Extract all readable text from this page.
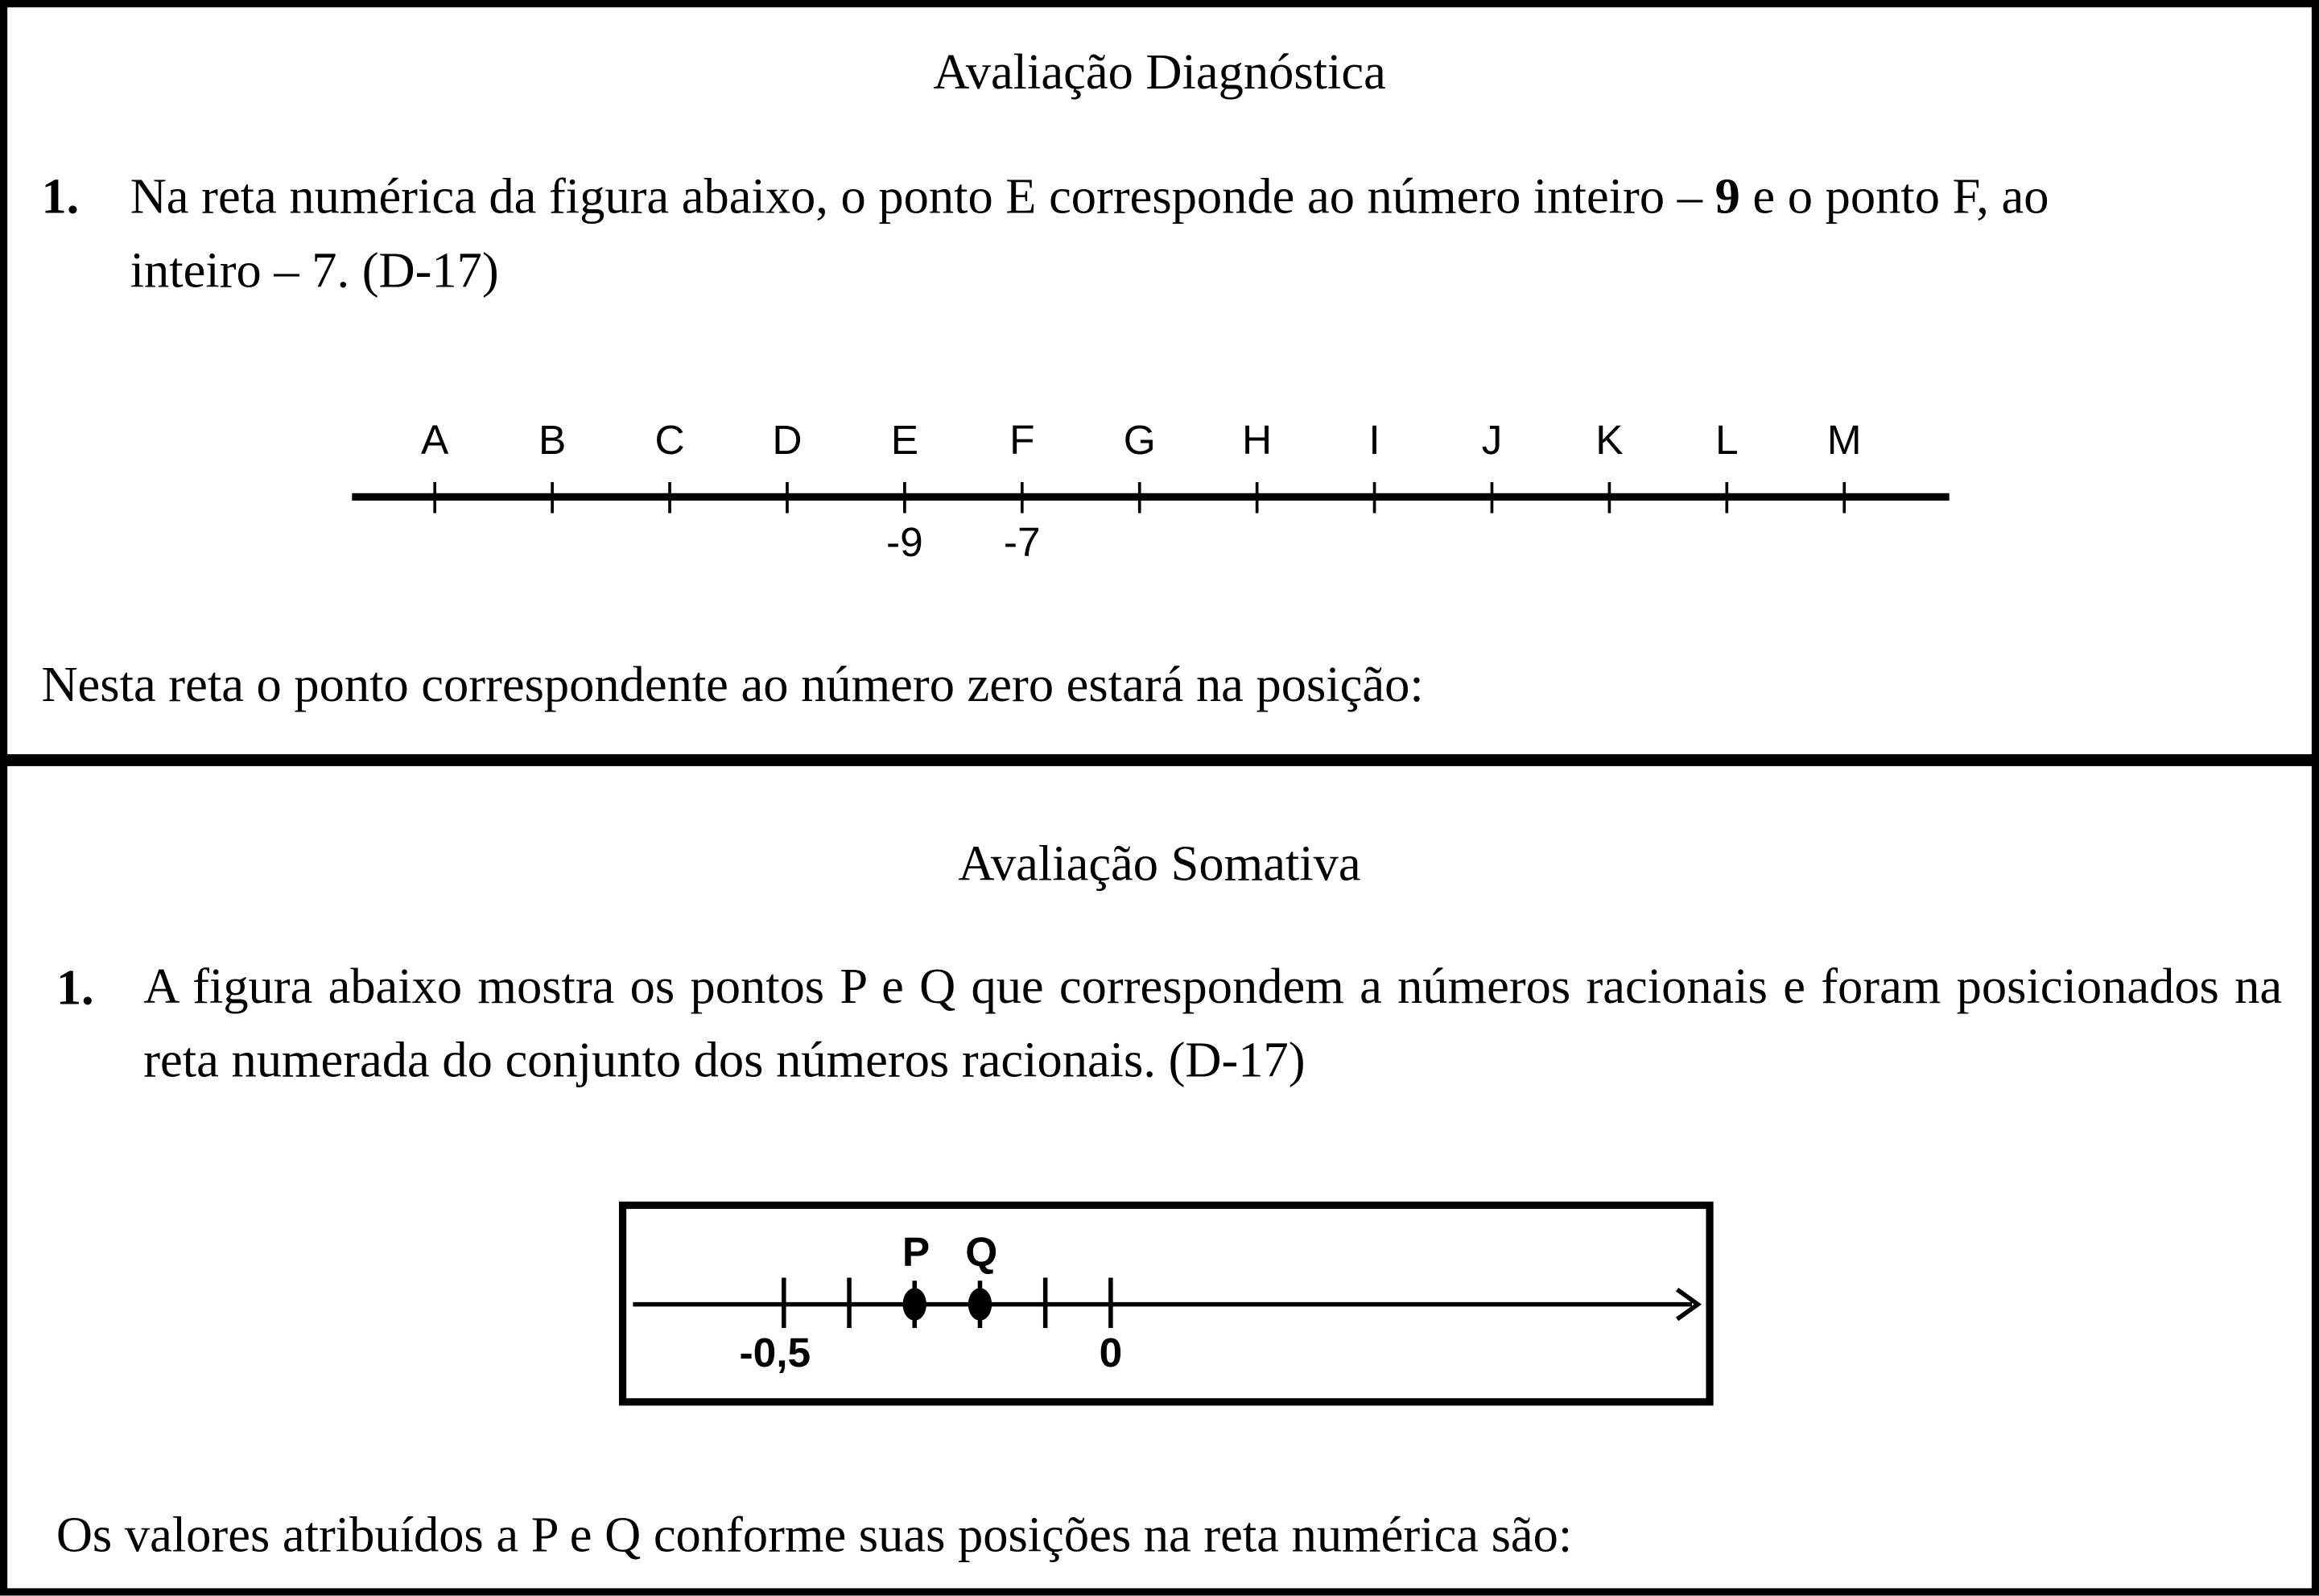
Avaliação Diagnóstica
1. Na reta numérica da figura abaixo, o ponto E corresponde ao número inteiro – 9 e o ponto F, ao
inteiro – 7. (D-17)
A	B	C	D	E	F	G	H	I	J	K	L	M
-9	-7
Nesta reta o ponto correspondente ao número zero estará na posição:
Avaliação Somativa
1. A figura abaixo mostra os pontos P e Q que correspondem a números racionais e foram posicionados na reta numerada do conjunto dos números racionais. (D-17)
-0,5	0
P Q
Os valores atribuídos a P e Q conforme suas posições na reta numérica são:
